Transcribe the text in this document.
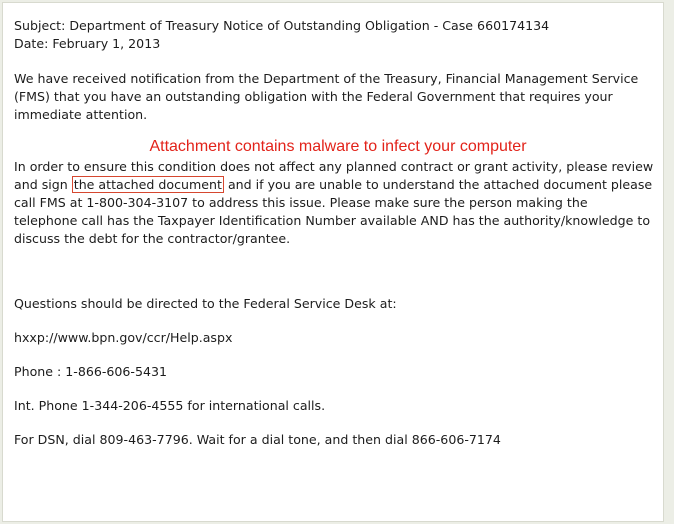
Subject: Department of Treasury Notice of Outstanding Obligation - Case 660174134

Date: February 1, 2013

We have received notification from the Department of the Treasury, Financial Management Service (FMS) that you have an outstanding obligation with the Federal Government that requires your immediate attention.

Attachment contains malware to infect your computer

In order to ensure this condition does not affect any planned contract or grant activity, please review and sign the attached document and if you are unable to understand the attached document please call FMS at 1-800-304-3107 to address this issue. Please make sure the person making the telephone call has the Taxpayer Identification Number available AND has the authority/knowledge to discuss the debt for the contractor/grantee.

Questions should be directed to the Federal Service Desk at:

hxxp://www.bpn.gov/ccr/Help.aspx

Phone : 1-866-606-5431

Int. Phone 1-344-206-4555 for international calls.

For DSN, dial 809-463-7796. Wait for a dial tone, and then dial 866-606-7174
